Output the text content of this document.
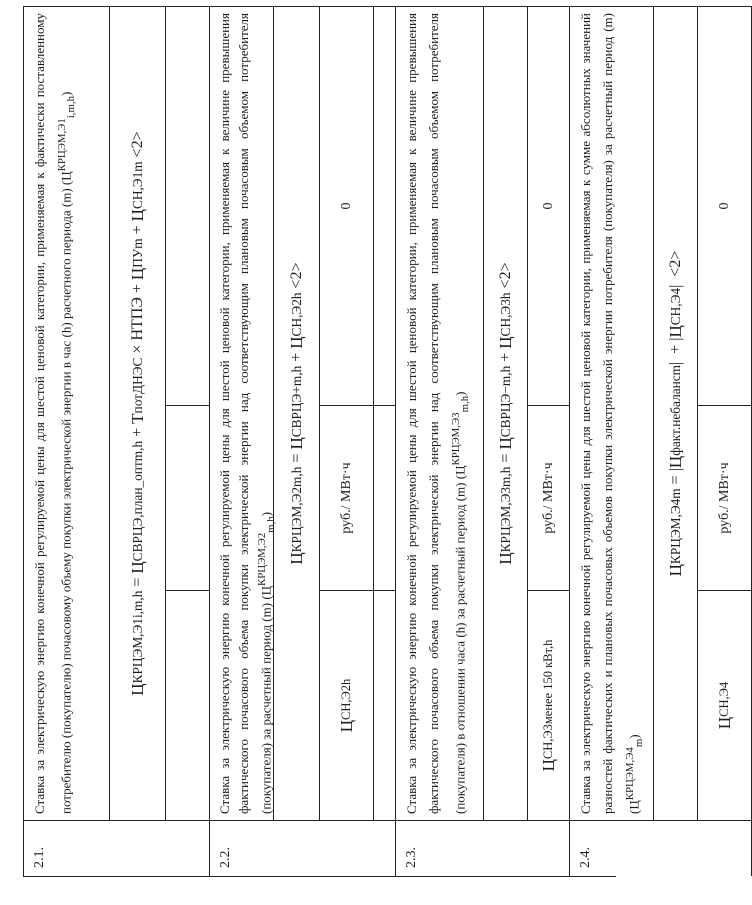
2.1.
Ставка за электрическую энергию конечной регулируемой цены для шестой ценовой категории, применяемая к фактически поставленному потребителю (покупателю) почасовому объему покупки электрической энергии в час (h) расчетного периода (m) $(Ц^{КРЦЭМ,Э1}_{i,m,h})$
Ц
КРЦЭМ,Э1
i,m,h
=
Ц
СВРЦЭ,план_опт
m,h
+
Т
потДНЭС
× НТПЭ +
Ц
ПУ
m
+
Ц
СН,Э1
m

<2>
2.2.
Ставка за электрическую энергию конечной регулируемой цены для шестой ценовой категории, применяемая к величине превышения фактического почасового объема покупки электрической энергии над соответствующим плановым почасовым объемом потребителя (покупателя) за расчетный период (m) $(Ц^{КРЦЭМ,Э2}_{m,h})$
Ц
КРЦЭМ,Э2
m,h
=
Ц
СВРЦЭ+
m,h
+
Ц
СН,Э2
h

<2>
Ц
СН,Э2
h
руб./ МВт·ч
0
2.3.
Ставка за электрическую энергию конечной регулируемой цены для шестой ценовой категории, применяемая к величине превышения фактического почасового объема покупки электрической энергии над соответствующим плановым почасовым объемом потребителя (покупателя) в отношении часа (h) за расчетный период (m) $(Ц^{КРЦЭМ,Э3}_{m,h})$
Ц
КРЦЭМ,Э3
m,h
=
Ц
СВРЦЭ−
m,h
+
Ц
СН,Э3
h

<2>
Ц
СН,Э3
менее 150 кВт,h
руб./ МВт·ч
0
2.4.
Ставка за электрическую энергию конечной регулируемой цены для шестой ценовой категории, применяемая к сумме абсолютных значений разностей фактических и плановых почасовых объемов покупки электрической энергии потребителя (покупателя) за расчетный период (m) $(Ц^{КРЦЭМ,Э4}_m)$
Ц
КРЦЭМ,Э4
m
= |
Ц
факт.небаланс
m
|  + |
Ц
СН,Э4
|
<2>
Ц
СН,Э4
руб./ МВт·ч
0
